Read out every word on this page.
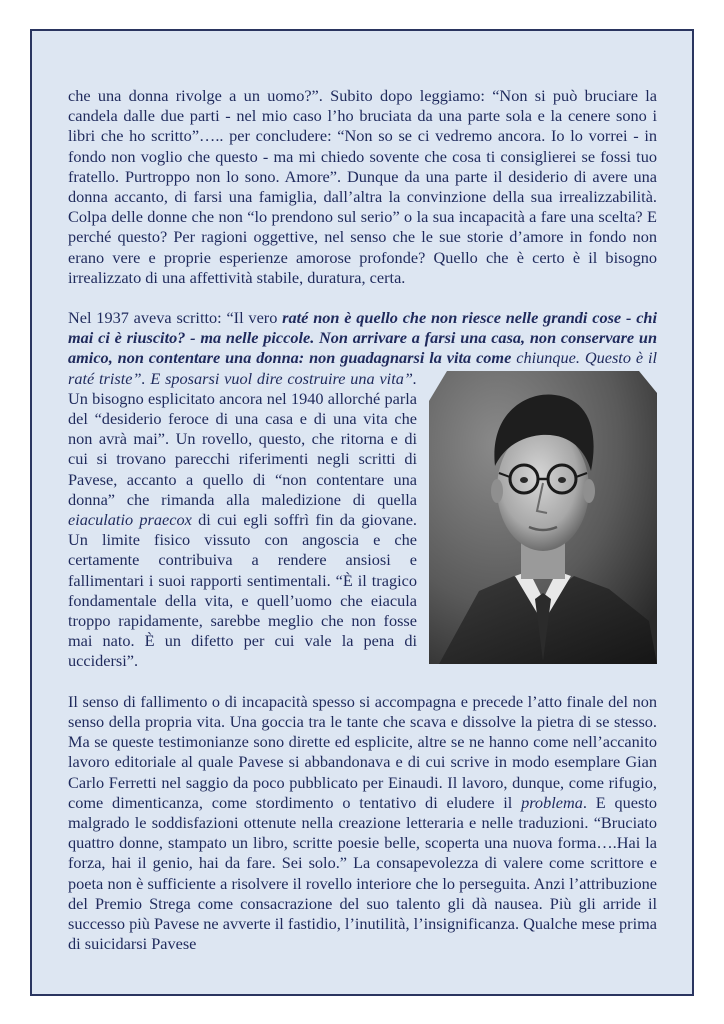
che una donna rivolge a un uomo?”. Subito dopo leggiamo: “Non si può bruciare la candela dalle due parti - nel mio caso l’ho bruciata da una parte sola e la cenere sono i libri che ho scritto”….. per concludere: “Non so se ci vedremo ancora. Io lo vorrei - in fondo non voglio che questo - ma mi chiedo sovente che cosa ti consiglierei se fossi tuo fratello. Purtroppo non lo sono. Amore”. Dunque da una parte il desiderio di avere una donna accanto, di farsi una famiglia, dall’altra la convinzione della sua irrealizzabilità. Colpa delle donne che non “lo prendono sul serio” o la sua incapacità a fare una scelta? E perché questo? Per ragioni oggettive, nel senso che le sue storie d’amore in fondo non erano vere e proprie esperienze amorose profonde? Quello che è certo è il bisogno irrealizzato di una affettività stabile, duratura, certa.

Nel 1937 aveva scritto: “Il vero raté non è quello che non riesce nelle grandi cose - chi mai ci è riuscito? - ma nelle piccole. Non arrivare a farsi una casa, non conservare un amico, non contentare una donna: non guadagnarsi la vita come
chiunque. Questo è il raté triste”. E sposarsi vuol dire costruire una vita”. Un bisogno esplicitato ancora nel 1940 allorché parla del “desiderio feroce di una casa e di una vita che non avrà mai”. Un rovello, questo, che ritorna e di cui si trovano parecchi riferimenti negli scritti di Pavese, accanto a quello di “non contentare una donna” che rimanda alla maledizione di quella eiaculatio praecox di cui egli soffrì fin da giovane. Un limite fisico vissuto con angoscia e che certamente contribuiva a rendere ansiosi e fallimentari i suoi rapporti sentimentali. “È il tragico fondamentale della vita, e quell’uomo che eiacula troppo rapidamente, sarebbe meglio che non fosse mai nato. È un difetto per cui vale la pena di uccidersi”.

Il senso di fallimento o di incapacità spesso si accompagna e precede l’atto finale del non senso della propria vita. Una goccia tra le tante che scava e dissolve la pietra di se stesso. Ma se queste testimonianze sono dirette ed esplicite, altre se ne hanno come nell’accanito lavoro editoriale al quale Pavese si abbandonava e di cui scrive in modo esemplare Gian Carlo Ferretti nel saggio da poco pubblicato per Einaudi. Il lavoro, dunque, come rifugio, come dimenticanza, come stordimento o tentativo di eludere il problema. E questo malgrado le soddisfazioni ottenute nella creazione letteraria e nelle traduzioni. “Bruciato quattro donne, stampato un libro, scritte poesie belle, scoperta una nuova forma….Hai la forza, hai il genio, hai da fare. Sei solo.” La consapevolezza di valere come scrittore e poeta non è sufficiente a risolvere il rovello interiore che lo perseguita. Anzi l’attribuzione del Premio Strega come consacrazione del suo talento gli dà nausea. Più gli arride il successo più Pavese ne avverte il fastidio, l’inutilità, l’insignificanza. Qualche mese prima di suicidarsi Pavese
